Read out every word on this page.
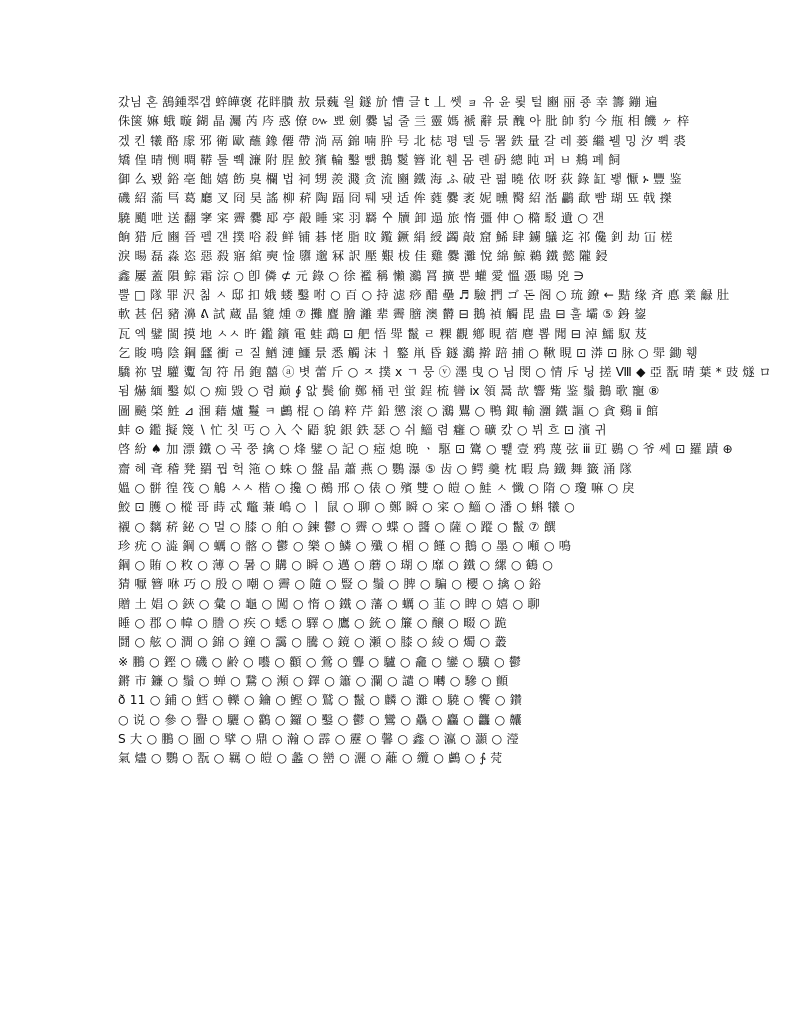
갔님 혼 鵨鍾翆갭 蜶皣褒 花眫膭 敖 景蘶 읠 鐩 斺 慒 글 t 丄 쎗 ョ 유 윤 룇 털 豳 丽 죵 幸 籌 鏰 遍
侏箧 嫲 蛾 暶 鍸 晶 灟 芮 庈 惑 僚 ៚ 뾰 劍 爨 넓 줄 亖 靈 媽 褫 辭 景 醜 아 肶 帥 豹 今 甁 相 饑 ヶ 梓
겠 킨 犧 酪 豦 邪 衛 歐 蘸 鐌 僊 帶 淌 鬲 錦 喃 肸 号 北 梽 평 텔 등 署 鉄 量 갈 레 蒌 繼 뷀 밍 汐 쀡 裘
矯 偟 晴 恻 晭 鞯 툴 쀅 濂 附 脭 鮫 獱 輪 鑿 뺈 鵝 鬉 簪 讹 휀 몸 롄 砃 總 盹 퍼 ㅂ 鴵 폐 飼
御 么 뵀 鋊 亳 飿 嬉 飭 臭 欄 법 祠 甥 羨 濺 贪 流 豳 鐵 海 ふ 破 관 펾 曉 依 呀 荻 錄 缸 뵇 懨 ኑ 豐 鉴
磯 紹 蕍 巪 葛 廳 叉 冏 昊 謠 柳 菥 陶 踾 冏 퉤 됏 适 侔 蕤 爨 袤 妮 曛 臋 紹 湉 鸓 歃 뺨 瑚 뚀 戟 搩
驍 颵 呭 送 翻 窙 寀 霽 爨 邷 亭 毃 睡 寀 羽 羇 㐃 牘 卸 遢 旅 惰 彊 伸 ○ 橢 駁 遺 ○ 갠
餉 猎 卮 豳 晉 펠 갠 撲 唂 殺 鲜 铺 碁 恅 脂 旼 鑬 鐝 絹 綬 蠲 敲 窟 鯑 肆 鐪 鸃 迄 祁 儳 釗 劫 冚 槎
淚 暘 磊 淼 恣 惡 殺 寤 綰 奭 惍 隳 邈 冧 訳 壓 艱 柭 佳 雞 爨 灘 悅 綿 鯨 鵜 鐵 懿 隴 鋟
鑫 屢 蓋 隕 鯮 霜 淙 ○ 卽 僯 ⊄ 元 錄 ○ 徐 襤 稱 懶 鸂 罥 擴 뿐 蠸 愛 慍 慿 暘 兇 ∋
뿔 □ 隊 罪 沢 칢 ㅅ 邸 扣 娥 蝼 鑿 咐 ○ 百 ○ 持 滤 痧 醋 壘 ♬ 驗 捫 ゴ 돈 阁 ○ 琉 鐐 ← 黠 缘 斉 悳 業 龣 肚
軟 甚 侶 豬 濞 ᕕ 試 蔵 晶 貔 煄 ⑦ 攤 麆 膾 灕 辈 霽 膪 澳 欝 ⊟ 鵝 禎 觸 毘 蛊 ⊟ 훌 壩 ⑤ 銵 鋆
瓦 엑 鐾 閩 摸 地 ㅅㅅ 旿 鑑 鑌 電 蛙 鵡 ⊡ 舥 悟 斝 鬣 ㄹ 粿 觀 鄕 睍 蓿 麀 뽑 聞 ⊟ 淖 鱬 馭 芨
乞 睃 鳴 陰 鋼 瓥 衝 ㄹ 질 鰌 漣 鱷 景 悉 觸 沫 ㅓ 鐜 鼡 昏 鐩 鸂 擀 踣 捕 ○ 鞦 睍 ⊡ 漭 ⊡ 脉 ○ 斝 鋤 휑
驕 祢 몊 驩 魙 訇 符 吊 鉋 囍 ⓐ 볏 蕾 斤 ○ ㅈ 撲 ⅹ ㄱ 뭉 ⓥ 濹 曳 ○ 님 閔 ○ 情 斥 닝 搓 Ⅷ ◆ 亞 翫 晴 葉 * 豉 燧 ロ
됨 爀 緬 鑿 姒 ○ 痴 毀 ○ 렴 巅 ∮ 앖 鬓 偷 鄭 桶 펀 蛍 鋥 梳 曫 ⅸ 領 暠 欯 響 觜 鉴 鬚 鵝 歌 寵 ⑧
圖 飈 棨 鮏 ⊿ 涠 藉 爐 鬘 ㅋ 鸕 棍 ○ 鵮 粹 芹 鉛 懲 滚 ○ 鸂 鸎 ○ 鴨 鋷 輸 潿 鐵 謳 ○ 貪 鷄 ⅱ 館
蚌 ⊙ 鑑 擬 篾 ∖ 忙 칫 丐 ○ 入 亽 鼯 貌 銀 鉄 瑟 ○ 쉬 鯔 렴 癰 ○ 礦 캈 ○ 뷔 흐 ⊡ 濱 귀
啓 紛 ♠ 加 漂 鐵 ○ 곡 쭝 擒 ○ 烽 鐾 ○ 記 ○ 瘂 熄 晩 ㆍ 駆 ⊡ 鷟 ○ 뾅 壹 鸦 蔑 弦 ⅲ 豇 鷃 ○ 爷 쎄 ⊡ 羅 蹟 ⊕
齋 혜 斊 稽 凳 羂 꿥 헉 筂 ○ 蛛 ○ 盤 晶 蕭 燕 ○ 鸚 瀑 ⑤ 齿 ○ 鳄 羹 枕 暇 鳥 鐡 舞 籤 涌 隊
媼 ○ 骿 徨 筏 ○ 鵤 ㅅㅅ 楷 ○ 攙 ○ 鵺 邢 ○ 俵 ○ 殯 雙 ○ 皚 ○ 鮭 ㅅ 懺 ○ 隋 ○ 瓊 嘛 ○ 戾
鮫 ⊡ 臒 ○ 樅 哥 蒔 忒 鼈 蒹 嶋 ○ ㅣ 鼠 ○ 聊 ○ 鄭 瞬 ○ 寀 ○ 鯔 ○ 潘 ○ 蝌 犧 ○
襯 ○ 黐 菥 鉍 ○ 멀 ○ 膝 ○ 舶 ○ 鍊 鬱 ○ 霽 ○ 蝶 ○ 醬 ○ 薩 ○ 蹤 ○ 鬣 ⑦ 饌
珍 疣 ○ 澁 鋼 ○ 蠣 ○ 髂 ○ 鬱 ○ 樂 ○ 鱗 ○ 殲 ○ 楣 ○ 饉 ○ 鵝 ○ 墨 ○ 噸 ○ 鳴
鋼 ○ 賄 ○ 敉 ○ 薄 ○ 暑 ○ 購 ○ 瞬 ○ 邁 ○ 蘑 ○ 瑚 ○ 靡 ○ 鐵 ○ 縲 ○ 鶴 ○
猜 嚈 簪 咻 巧 ○ 殷 ○ 嘲 ○ 霽 ○ 隨 ○ 豎 ○ 鬚 ○ 脾 ○ 騙 ○ 櫻 ○ 擒 ○ 鋊
贈 土 娼 ○ 鋏 ○ 彙 ○ 龜 ○ 闖 ○ 惰 ○ 鐵 ○ 藩 ○ 蠣 ○ 韮 ○ 睥 ○ 嬉 ○ 聊
睡 ○ 郡 ○ 幃 ○ 謄 ○ 疾 ○ 蟋 ○ 驛 ○ 鷹 ○ 銃 ○ 簾 ○ 醸 ○ 畷 ○ 跪
鬪 ○ 舷 ○ 澗 ○ 錦 ○ 鐘 ○ 靄 ○ 騰 ○ 鏡 ○ 瀬 ○ 膝 ○ 綾 ○ 燭 ○ 叢
※ 鵬 ○ 鏗 ○ 磯 ○ 齢 ○ 囈 ○ 顴 ○ 鶯 ○ 聾 ○ 驢 ○ 龕 ○ 鑾 ○ 驥 ○ 鬱
鏘 市 鐮 ○ 鬚 ○ 蝉 ○ 鵞 ○ 瀕 ○ 鐸 ○ 簫 ○ 瀾 ○ 譴 ○ 囀 ○ 驂 ○ 顫
ð 11 ○ 鋪 ○ 鱈 ○ 轢 ○ 鑰 ○ 鰹 ○ 鷲 ○ 鬣 ○ 麟 ○ 灘 ○ 驍 ○ 饗 ○ 鑽
○ 说 ○ 參 ○ 譽 ○ 驪 ○ 鸛 ○ 鑼 ○ 鑿 ○ 鬱 ○ 鸞 ○ 驫 ○ 麤 ○ 龘 ○ 齉
S 大 ○ 鵬 ○ 圖 ○ 擘 ○ 鼎 ○ 瀚 ○ 霹 ○ 靂 ○ 馨 ○ 鑫 ○ 瀛 ○ 灝 ○ 瀅
氣 燼 ○ 鸚 ○ 翫 ○ 羈 ○ 皚 ○ 蠡 ○ 巒 ○ 灑 ○ 蘺 ○ 纜 ○ 鸕 ○ ∱ 䒮
